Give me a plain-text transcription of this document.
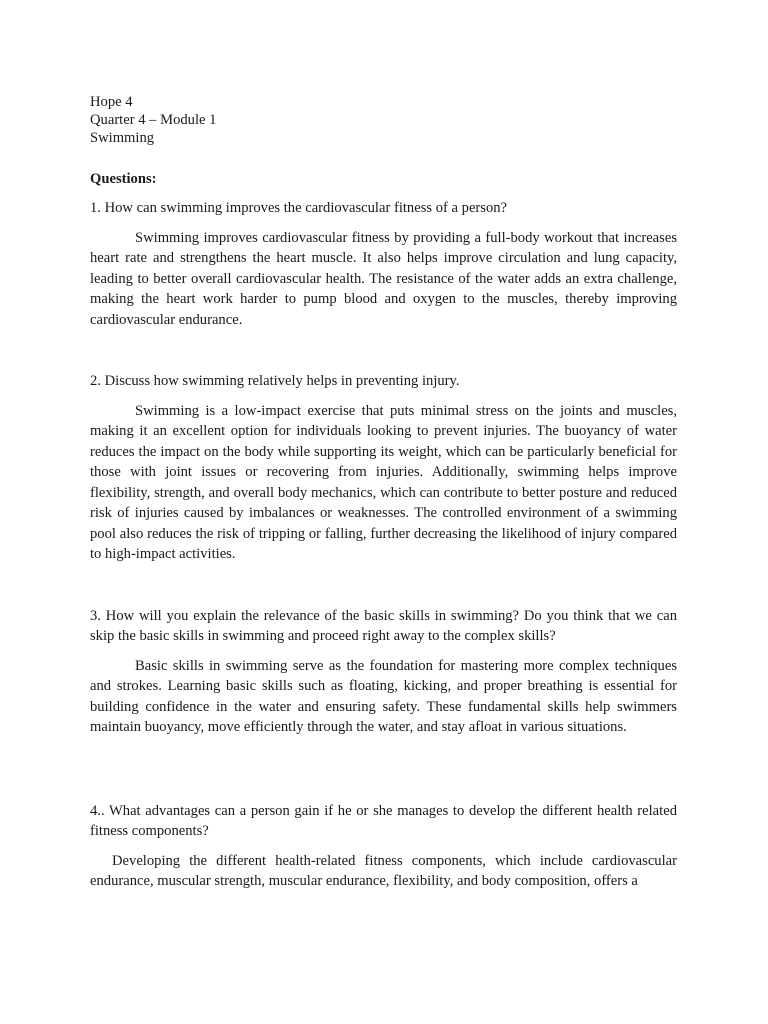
Hope 4
Quarter 4 – Module 1
Swimming
Questions:
1. How can swimming improves the cardiovascular fitness of a person?
Swimming improves cardiovascular fitness by providing a full-body workout that increases heart rate and strengthens the heart muscle. It also helps improve circulation and lung capacity, leading to better overall cardiovascular health. The resistance of the water adds an extra challenge, making the heart work harder to pump blood and oxygen to the muscles, thereby improving cardiovascular endurance.
2. Discuss how swimming relatively helps in preventing injury.
Swimming is a low-impact exercise that puts minimal stress on the joints and muscles, making it an excellent option for individuals looking to prevent injuries. The buoyancy of water reduces the impact on the body while supporting its weight, which can be particularly beneficial for those with joint issues or recovering from injuries. Additionally, swimming helps improve flexibility, strength, and overall body mechanics, which can contribute to better posture and reduced risk of injuries caused by imbalances or weaknesses. The controlled environment of a swimming pool also reduces the risk of tripping or falling, further decreasing the likelihood of injury compared to high-impact activities.
3. How will you explain the relevance of the basic skills in swimming? Do you think that we can skip the basic skills in swimming and proceed right away to the complex skills?
Basic skills in swimming serve as the foundation for mastering more complex techniques and strokes. Learning basic skills such as floating, kicking, and proper breathing is essential for building confidence in the water and ensuring safety. These fundamental skills help swimmers maintain buoyancy, move efficiently through the water, and stay afloat in various situations.
4.. What advantages can a person gain if he or she manages to develop the different health related fitness components?
Developing the different health-related fitness components, which include cardiovascular endurance, muscular strength, muscular endurance, flexibility, and body composition, offers a
